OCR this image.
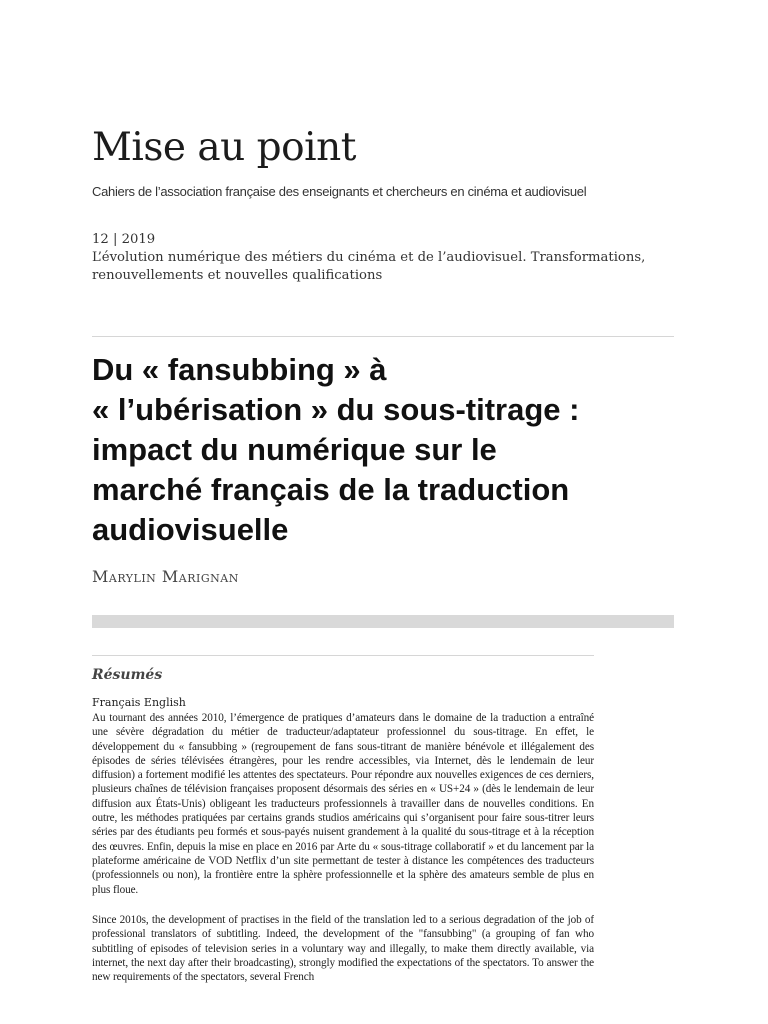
Mise au point
Cahiers de l’association française des enseignants et chercheurs en cinéma et audiovisuel
12 | 2019
L’évolution numérique des métiers du cinéma et de l’audiovisuel. Transformations, renouvellements et nouvelles qualifications
Du « fansubbing » à
« l’ubérisation » du sous-titrage :
impact du numérique sur le
marché français de la traduction
audiovisuelle
Marylin Marignan
Résumés
Français English

Au tournant des années 2010, l’émergence de pratiques d’amateurs dans le domaine de la traduction a entraîné une sévère dégradation du métier de traducteur/adaptateur professionnel du sous-titrage. En effet, le développement du « fansubbing » (regroupement de fans sous-titrant de manière bénévole et illégalement des épisodes de séries télévisées étrangères, pour les rendre accessibles, via Internet, dès le lendemain de leur diffusion) a fortement modifié les attentes des spectateurs. Pour répondre aux nouvelles exigences de ces derniers, plusieurs chaînes de télévision françaises proposent désormais des séries en « US+24 » (dès le lendemain de leur diffusion aux États-Unis) obligeant les traducteurs professionnels à travailler dans de nouvelles conditions. En outre, les méthodes pratiquées par certains grands studios américains qui s’organisent pour faire sous-titrer leurs séries par des étudiants peu formés et sous-payés nuisent grandement à la qualité du sous-titrage et à la réception des œuvres. Enfin, depuis la mise en place en 2016 par Arte du « sous-titrage collaboratif » et du lancement par la plateforme américaine de VOD Netflix d’un site permettant de tester à distance les compétences des traducteurs (professionnels ou non), la frontière entre la sphère professionnelle et la sphère des amateurs semble de plus en plus floue.

Since 2010s, the development of practises in the field of the translation led to a serious degradation of the job of professional translators of subtitling. Indeed, the development of the "fansubbing" (a grouping of fan who subtitling of episodes of television series in a voluntary way and illegally, to make them directly available, via internet, the next day after their broadcasting), strongly modified the expectations of the spectators. To answer the new requirements of the spectators, several French
